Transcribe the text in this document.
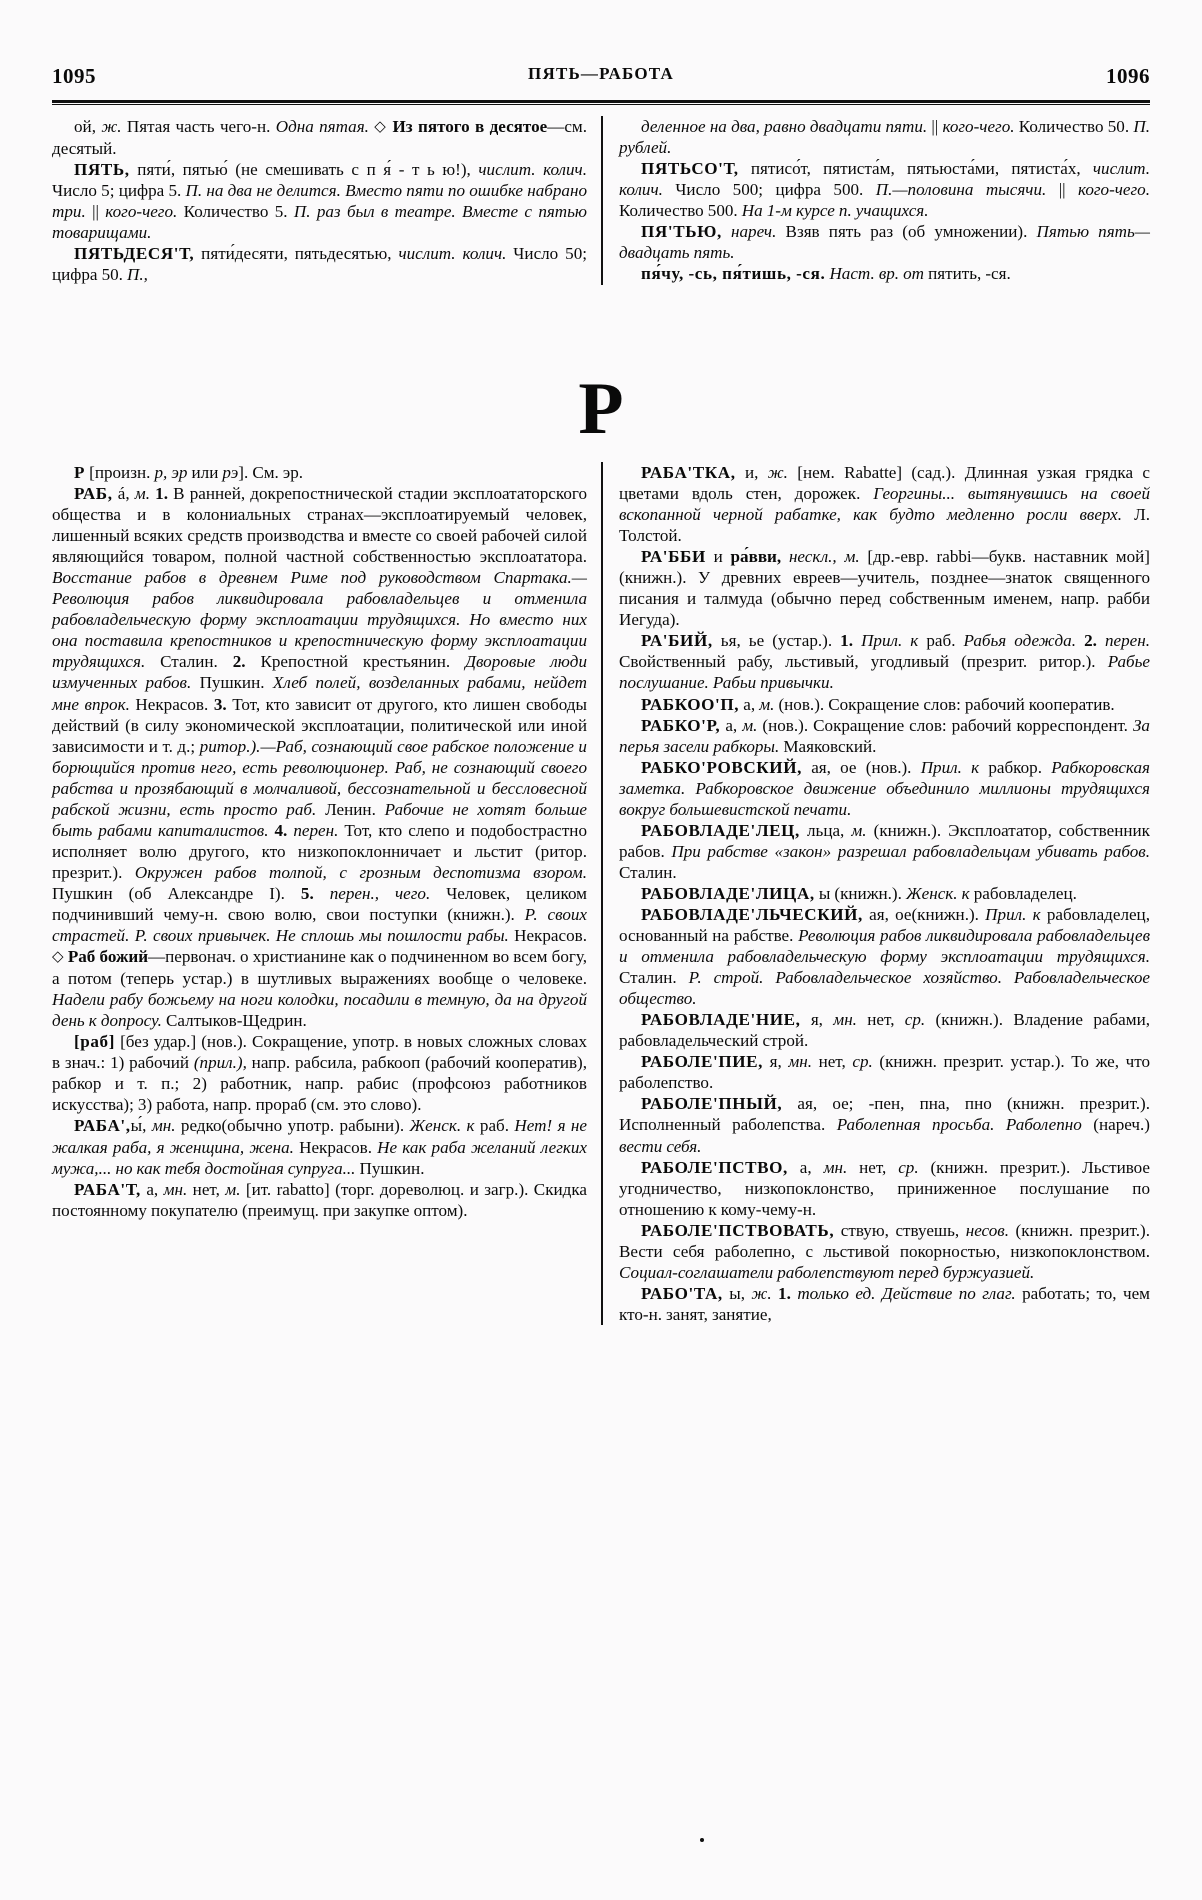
1095	ПЯТЬ—РАБОТА	1096

ой, ж. Пятая часть чего-н. Одна пятая. ◇ Из пятого в десятое—см. десятый.

ПЯТЬ, пяти́, пятью́ (не смешивать с п я́ - т ь ю!), числит. колич. Число 5; цифра 5. П. на два не делится. Вместо пяти по ошибке набрано три. || кого-чего. Количество 5. П. раз был в театре. Вместе с пятью товарищами.

ПЯТЬДЕСЯ'Т, пяти́десяти, пятьдесятью, числит. колич. Число 50; цифра 50. П.,

деленное на два, равно двадцати пяти. || кого-чего. Количество 50. П. рублей.

ПЯТЬСО'Т, пятисо́т, пятиста́м, пятьюста́ми, пятиста́х, числит. колич. Число 500; цифра 500. П.—половина тысячи. || кого-чего. Количество 500. На 1-м курсе п. учащихся.

ПЯ'ТЬЮ, нареч. Взяв пять раз (об умножении). Пятью пять—двадцать пять.

пя́чу, -сь, пя́тишь, -ся. Наст. вр. от пятить, -ся.

Р

Р [произн. р, эр или рэ]. См. эр.

РАБ, á, м. 1. В ранней, докрепостнической стадии эксплоататорского общества и в колониальных странах—эксплоатируемый человек, лишенный всяких средств производства и вместе со своей рабочей силой являющийся товаром, полной частной собственностью эксплоататора. Восстание рабов в древнем Риме под руководством Спартака.—Революция рабов ликвидировала рабовладельцев и отменила рабовладельческую форму эксплоатации трудящихся. Но вместо них она поставила крепостников и крепостническую форму эксплоатации трудящихся. Сталин. 2. Крепостной крестьянин. Дворовые люди измученных рабов. Пушкин. Хлеб полей, возделанных рабами, нейдет мне впрок. Некрасов. 3. Тот, кто зависит от другого, кто лишен свободы действий (в силу экономической эксплоатации, политической или иной зависимости и т. д.; ритор.).—Раб, сознающий свое рабское положение и борющийся против него, есть революционер. Раб, не сознающий своего рабства и прозябающий в молчаливой, бессознательной и бессловесной рабской жизни, есть просто раб. Ленин. Рабочие не хотят больше быть рабами капиталистов. 4. перен. Тот, кто слепо и подобострастно исполняет волю другого, кто низкопоклонничает и льстит (ритор. презрит.). Окружен рабов толпой, с грозным деспотизма взором. Пушкин (об Александре I). 5. перен., чего. Человек, целиком подчинивший чему-н. свою волю, свои поступки (книжн.). Р. своих страстей. Р. своих привычек. Не сплошь мы пошлости рабы. Некрасов. ◇ Раб божий—первонач. о христианине как о подчиненном во всем богу, а потом (теперь устар.) в шутливых выражениях вообще о человеке. Надели рабу божьему на ноги колодки, посадили в темную, да на другой день к допросу. Салтыков-Щедрин.

[раб] [без удар.] (нов.). Сокращение, употр. в новых сложных словах в знач.: 1) рабочий (прил.), напр. рабсила, рабкооп (рабочий кооператив), рабкор и т. п.; 2) работник, напр. рабис (профсоюз работников искусства); 3) работа, напр. прораб (см. это слово).

РАБА',ы́, мн. редко(обычно употр. рабыни). Женск. к раб. Нет! я не жалкая раба, я женщина, жена. Некрасов. Не как раба желаний легких мужа,... но как тебя достойная супруга... Пушкин.

РАБА'Т, а, мн. нет, м. [ит. rabatto] (торг. дореволюц. и загр.). Скидка постоянному покупателю (преимущ. при закупке оптом).

РАБА'ТКА, и, ж. [нем. Rabatte] (сад.). Длинная узкая грядка с цветами вдоль стен, дорожек. Георгины... вытянувшись на своей вскопанной черной рабатке, как будто медленно росли вверх. Л. Толстой.

РА'ББИ и ра́вви, нескл., м. [др.-евр. rabbi—букв. наставник мой] (книжн.). У древних евреев—учитель, позднее—знаток священного писания и талмуда (обычно перед собственным именем, напр. рабби Иегуда).

РА'БИЙ, ья, ье (устар.). 1. Прил. к раб. Рабья одежда. 2. перен. Свойственный рабу, льстивый, угодливый (презрит. ритор.). Рабье послушание. Рабьи привычки.

РАБКОО'П, а, м. (нов.). Сокращение слов: рабочий кооператив.

РАБКО'Р, а, м. (нов.). Сокращение слов: рабочий корреспондент. За перья засели рабкоры. Маяковский.

РАБКО'РОВСКИЙ, ая, ое (нов.). Прил. к рабкор. Рабкоровская заметка. Рабкоровское движение объединило миллионы трудящихся вокруг большевистской печати.

РАБОВЛАДЕ'ЛЕЦ, льца, м. (книжн.). Эксплоататор, собственник рабов. При рабстве «закон» разрешал рабовладельцам убивать рабов. Сталин.

РАБОВЛАДЕ'ЛИЦА, ы (книжн.). Женск. к рабовладелец.

РАБОВЛАДЕ'ЛЬЧЕСКИЙ, ая, ое(книжн.). Прил. к рабовладелец, основанный на рабстве. Революция рабов ликвидировала рабовладельцев и отменила рабовладельческую форму эксплоатации трудящихся. Сталин. Р. строй. Рабовладельческое хозяйство. Рабовладельческое общество.

РАБОВЛАДЕ'НИЕ, я, мн. нет, ср. (книжн.). Владение рабами, рабовладельческий строй.

РАБОЛЕ'ПИЕ, я, мн. нет, ср. (книжн. презрит. устар.). То же, что раболепство.

РАБОЛЕ'ПНЫЙ, ая, ое; -пен, пна, пно (книжн. презрит.). Исполненный раболепства. Раболепная просьба. Раболепно (нареч.) вести себя.

РАБОЛЕ'ПСТВО, а, мн. нет, ср. (книжн. презрит.). Льстивое угодничество, низкопоклонство, приниженное послушание по отношению к кому-чему-н.

РАБОЛЕ'ПСТВОВАТЬ, ствую, ствуешь, несов. (книжн. презрит.). Вести себя раболепно, с льстивой покорностью, низкопоклонством. Социал-соглашатели раболепствуют перед буржуазией.

РАБО'ТА, ы, ж. 1. только ед. Действие по глаг. работать; то, чем кто-н. занят, занятие,
